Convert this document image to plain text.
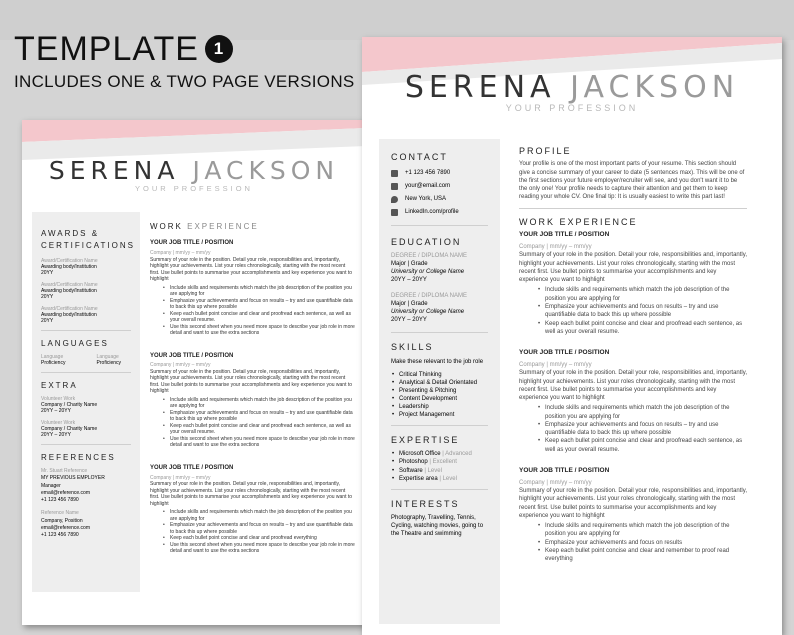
TEMPLATE 1
INCLUDES ONE & TWO PAGE VERSIONS
SERENA JACKSON
YOUR PROFESSION
AWARDS & CERTIFICATIONS
Award/Certification Name
Awarding body/Institution
20YY
Award/Certification Name
Awarding body/Institution
20YY
Award/Certification Name
Awarding body/Institution
20YY
LANGUAGES
Language
Proficiency
Language
Proficiency
EXTRA
Volunteer Work
Company / Charity Name
20YY – 20YY
Volunteer Work
Company / Charity Name
20YY – 20YY
REFERENCES
Mr. Stuart Reference
MY PREVIOUS EMPLOYER
Manager
email@reference.com
+1 123 456 7890
Reference Name
Company, Position
email@reference.com
+1 123 456 7890
WORK EXPERIENCE
YOUR JOB TITLE / POSITION
Company | mm/yy – mm/yy
Summary of your role in the position. Detail your role, responsibilities and, importantly, highlight your achievements. List your roles chronologically, starting with the most recent first. Use bullet points to summarise your accomplishments and key experience you want to highlight
• Include skills and requirements which match the job description of the position you are applying for
• Emphasize your achievements and focus on results – try and use quantifiable data to back this up where possible
• Keep each bullet point concise and clear and proofread each sentence, as well as your overall resume.
• Use this second sheet when you need more space to describe your job role in more detail and want to use the extra sections
YOUR JOB TITLE / POSITION
Company | mm/yy – mm/yy
Summary of your role in the position. Detail your role, responsibilities and, importantly, highlight your achievements. List your roles chronologically, starting with the most recent first. Use bullet points to summarise your accomplishments and key experience you want to highlight
• Include skills and requirements which match the job description of the position you are applying for
• Emphasize your achievements and focus on results – try and use quantifiable data to back this up where possible
• Keep each bullet point concise and clear and proofread each sentence, as well as your overall resume.
• Use this second sheet when you need more space to describe your job role in more detail and want to use the extra sections
YOUR JOB TITLE / POSITION
Company | mm/yy – mm/yy
Summary of your role in the position. Detail your role, responsibilities and, importantly, highlight your achievements. List your roles chronologically, starting with the most recent first. Use bullet points to summarise your accomplishments and key experience you want to highlight
• Include skills and requirements which match the job description of the position you are applying for
• Emphasize your achievements and focus on results – try and use quantifiable data to back this up where possible
• Keep each bullet point concise and clear and proofread everything
• Use this second sheet when you need more space to describe your job role in more detail and want to use the extra sections
SERENA JACKSON
YOUR PROFESSION
CONTACT
+1 123 456 7890
your@email.com
New York, USA
LinkedIn.com/profile
EDUCATION
DEGREE / DIPLOMA NAME
Major | Grade
University or College Name
20YY – 20YY
DEGREE / DIPLOMA NAME
Major | Grade
University or College Name
20YY – 20YY
SKILLS
Make these relevant to the job role
• Critical Thinking
• Analytical & Detail Orientated
• Presenting & Pitching
• Content Development
• Leadership
• Project Management
EXPERTISE
• Microsoft Office | Advanced
• Photoshop | Excellent
• Software | Level
• Expertise area | Level
INTERESTS
Photography, Travelling, Tennis, Cycling, watching movies, going to the Theatre and swimming
PROFILE
Your profile is one of the most important parts of your resume. This section should give a concise summary of your career to date (5 sentences max). This will be one of the first sections your future employer/recruiter will see, and you don't want it to be the only one! Your profile needs to capture their attention and get them to keep reading your whole CV. One final tip: It is usually easiest to write this part last!
WORK EXPERIENCE
YOUR JOB TITLE / POSITION
Company | mm/yy – mm/yy
Summary of your role in the position. Detail your role, responsibilities and, importantly, highlight your achievements. List your roles chronologically, starting with the most recent first. Use bullet points to summarise your accomplishments and key experience you want to highlight
• Include skills and requirements which match the job description of the position you are applying for
• Emphasize your achievements and focus on results – try and use quantifiable data to back this up where possible
• Keep each bullet point concise and clear and proofread each sentence, as well as your overall resume.
YOUR JOB TITLE / POSITION
Company | mm/yy – mm/yy
Summary of your role in the position. Detail your role, responsibilities and, importantly, highlight your achievements. List your roles chronologically, starting with the most recent first. Use bullet points to summarise your accomplishments and key experience you want to highlight
• Include skills and requirements which match the job description of the position you are applying for
• Emphasize your achievements and focus on results – try and use quantifiable data to back this up where possible
• Keep each bullet point concise and clear and proofread each sentence, as well as your overall resume.
YOUR JOB TITLE / POSITION
Company | mm/yy – mm/yy
Summary of your role in the position. Detail your role, responsibilities and, importantly, highlight your achievements. List your roles chronologically, starting with the most recent first. Use bullet points to summarise your accomplishments and key experience you want to highlight
• Include skills and requirements which match the job description of the position you are applying for
• Emphasize your achievements and focus on results
• Keep each bullet point concise and clear and remember to proof read everything
